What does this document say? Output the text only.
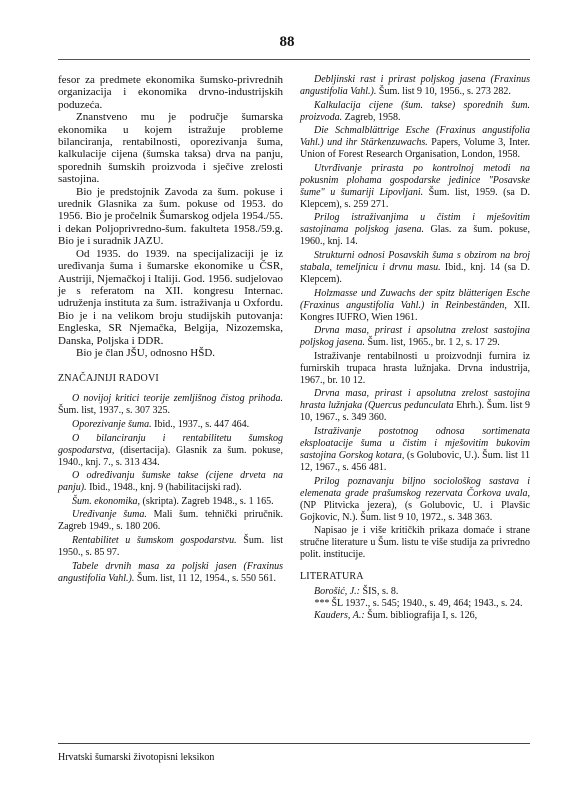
88

fesor za predmete ekonomika šumsko-privrednih organizacija i ekonomika drvno-industrijskih poduzeća.

Znanstveno mu je područje šumarska ekonomika u kojem istražuje probleme bilanciranja, rentabilnosti, oporezivanja šuma, kalkulacije cijena (šumska taksa) drva na panju, sporednih šumskih proizvoda i sječive zrelosti sastojina.

Bio je predstojnik Zavoda za šum. pokuse i urednik Glasnika za šum. pokuse od 1953. do 1956. Bio je pročelnik Šumarskog odjela 1954./55. i dekan Poljoprivredno-šum. fakulteta 1958./59.g. Bio je i suradnik JAZU.

Od 1935. do 1939. na specijalizaciji je iz uređivanja šuma i šumarske ekonomike u ČSR, Austriji, Njemačkoj i Italiji. God. 1956. sudjelovao je s referatom na XII. kongresu Internac. udruženja instituta za šum. istraživanja u Oxfordu. Bio je i na velikom broju studijskih putovanja: Engleska, SR Njemačka, Belgija, Nizozemska, Danska, Poljska i DDR.

Bio je član JŠU, odnosno HŠD.

ZNAČAJNIJI RADOVI

O novijoj kritici teorije zemljišnog čistog prihoda. Šum. list, 1937., s. 307 325.

Oporezivanje šuma. Ibid., 1937., s. 447 464.

O bilanciranju i rentabilitetu šumskog gospodarstva, (disertacija). Glasnik za šum. pokuse, 1940., knj. 7., s. 313 434.

O određivanju šumske takse (cijene drveta na panju). Ibid., 1948., knj. 9 (habilitacijski rad).

Šum. ekonomika, (skripta). Zagreb 1948., s. 1 165.

Uređivanje šuma. Mali šum. tehnički priručnik. Zagreb 1949., s. 180 206.

Rentabilitet u šumskom gospodarstvu. Šum. list 1950., s. 85 97.

Tabele drvnih masa za poljski jasen (Fraxinus angustifolia Vahl.). Šum. list, 11 12, 1954., s. 550 561.

Debljinski rast i prirast poljskog jasena (Fraxinus angustifolia Vahl.). Šum. list 9 10, 1956., s. 273 282.

Kalkulacija cijene (šum. takse) sporednih šum. proizvoda. Zagreb, 1958.

Die Schmalblättrige Esche (Fraxinus angustifolia Vahl.) und ihr Stärkenzuwachs. Papers, Volume 3, Inter. Union of Forest Research Organisation, London, 1958.

Utvrđivanje prirasta po kontrolnoj metodi na pokusnim plohama gospodarske jedinice "Posavske šume" u šumariji Lipovljani. Šum. list, 1959. (sa D. Klepcem), s. 259 271.

Prilog istraživanjima u čistim i mješovitim sastojinama poljskog jasena. Glas. za šum. pokuse, 1960., knj. 14.

Strukturni odnosi Posavskih šuma s obzirom na broj stabala, temeljnicu i drvnu masu. Ibid., knj. 14 (sa D. Klepcem).

Holzmasse und Zuwachs der spitz blätterigen Esche (Fraxinus angustifolia Vahl.) in Reinbeständen, XII. Kongres IUFRO, Wien 1961.

Drvna masa, prirast i apsolutna zrelost sastojina poljskog jasena. Šum. list, 1965., br. 1 2, s. 17 29.

Istraživanje rentabilnosti u proizvodnji furnira iz furnirskih trupaca hrasta lužnjaka. Drvna industrija, 1967., br. 10 12.

Drvna masa, prirast i apsolutna zrelost sastojina hrasta lužnjaka (Quercus pedunculata Ehrh.). Šum. list 9 10, 1967., s. 349 360.

Istraživanje postotnog odnosa sortimenata eksploatacije šuma u čistim i mješovitim bukovim sastojina Gorskog kotara, (s Golubovic, U.). Šum. list 11 12, 1967., s. 456 481.

Prilog poznavanju biljno sociološkog sastava i elemenata grade prašumskog rezervata Čorkova uvala, (NP Plitvicka jezera), (s Golubovic, U. i Plavšic Gojkovic, N.). Šum. list 9 10, 1972., s. 348 363.

Napisao je i više kritičkih prikaza domaće i strane stručne literature u Šum. listu te više studija za privredno polit. institucije.

LITERATURA

Borošić, J.: ŠIS, s. 8.

*** ŠL 1937., s. 545; 1940., s. 49, 464; 1943., s. 24.

Kauders, A.: Šum. bibliografija I, s. 126,

Hrvatski šumarski životopisni leksikon
